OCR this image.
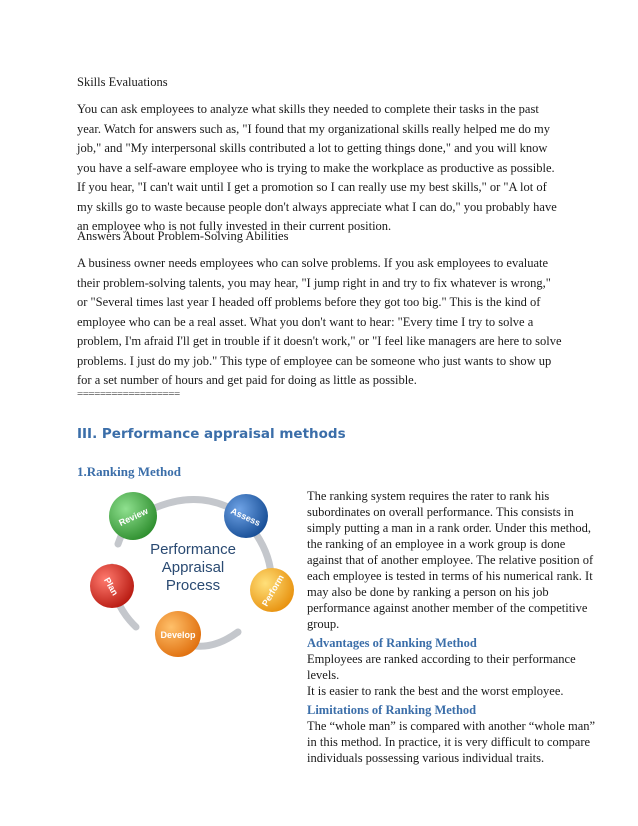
Skills Evaluations
You can ask employees to analyze what skills they needed to complete their tasks in the past
year. Watch for answers such as, "I found that my organizational skills really helped me do my
job," and "My interpersonal skills contributed a lot to getting things done," and you will know
you have a self-aware employee who is trying to make the workplace as productive as possible.
If you hear, "I can't wait until I get a promotion so I can really use my best skills," or "A lot of
my skills go to waste because people don't always appreciate what I can do," you probably have
an employee who is not fully invested in their current position.
Answers About Problem-Solving Abilities
A business owner needs employees who can solve problems. If you ask employees to evaluate
their problem-solving talents, you may hear, "I jump right in and try to fix whatever is wrong,"
or "Several times last year I headed off problems before they got too big." This is the kind of
employee who can be a real asset. What you don't want to hear: "Every time I try to solve a
problem, I'm afraid I'll get in trouble if it doesn't work," or "I feel like managers are here to solve
problems. I just do my job." This type of employee can be someone who just wants to show up
for a set number of hours and get paid for doing as little as possible.
==================
III. Performance appraisal methods
1.Ranking Method
Performance
Appraisal
Process
Review	Assess
Perform
Develop
Plan
The ranking system requires the rater to rank his
subordinates on overall performance. This consists in
simply putting a man in a rank order. Under this method,
the ranking of an employee in a work group is done
against that of another employee. The relative position of
each employee is tested in terms of his numerical rank. It
may also be done by ranking a person on his job
performance against another member of the competitive
group.
Advantages of Ranking Method
Employees are ranked according to their performance
levels.
It is easier to rank the best and the worst employee.
Limitations of Ranking Method
The “whole man” is compared with another “whole man”
in this method. In practice, it is very difficult to compare
individuals possessing various individual traits.
